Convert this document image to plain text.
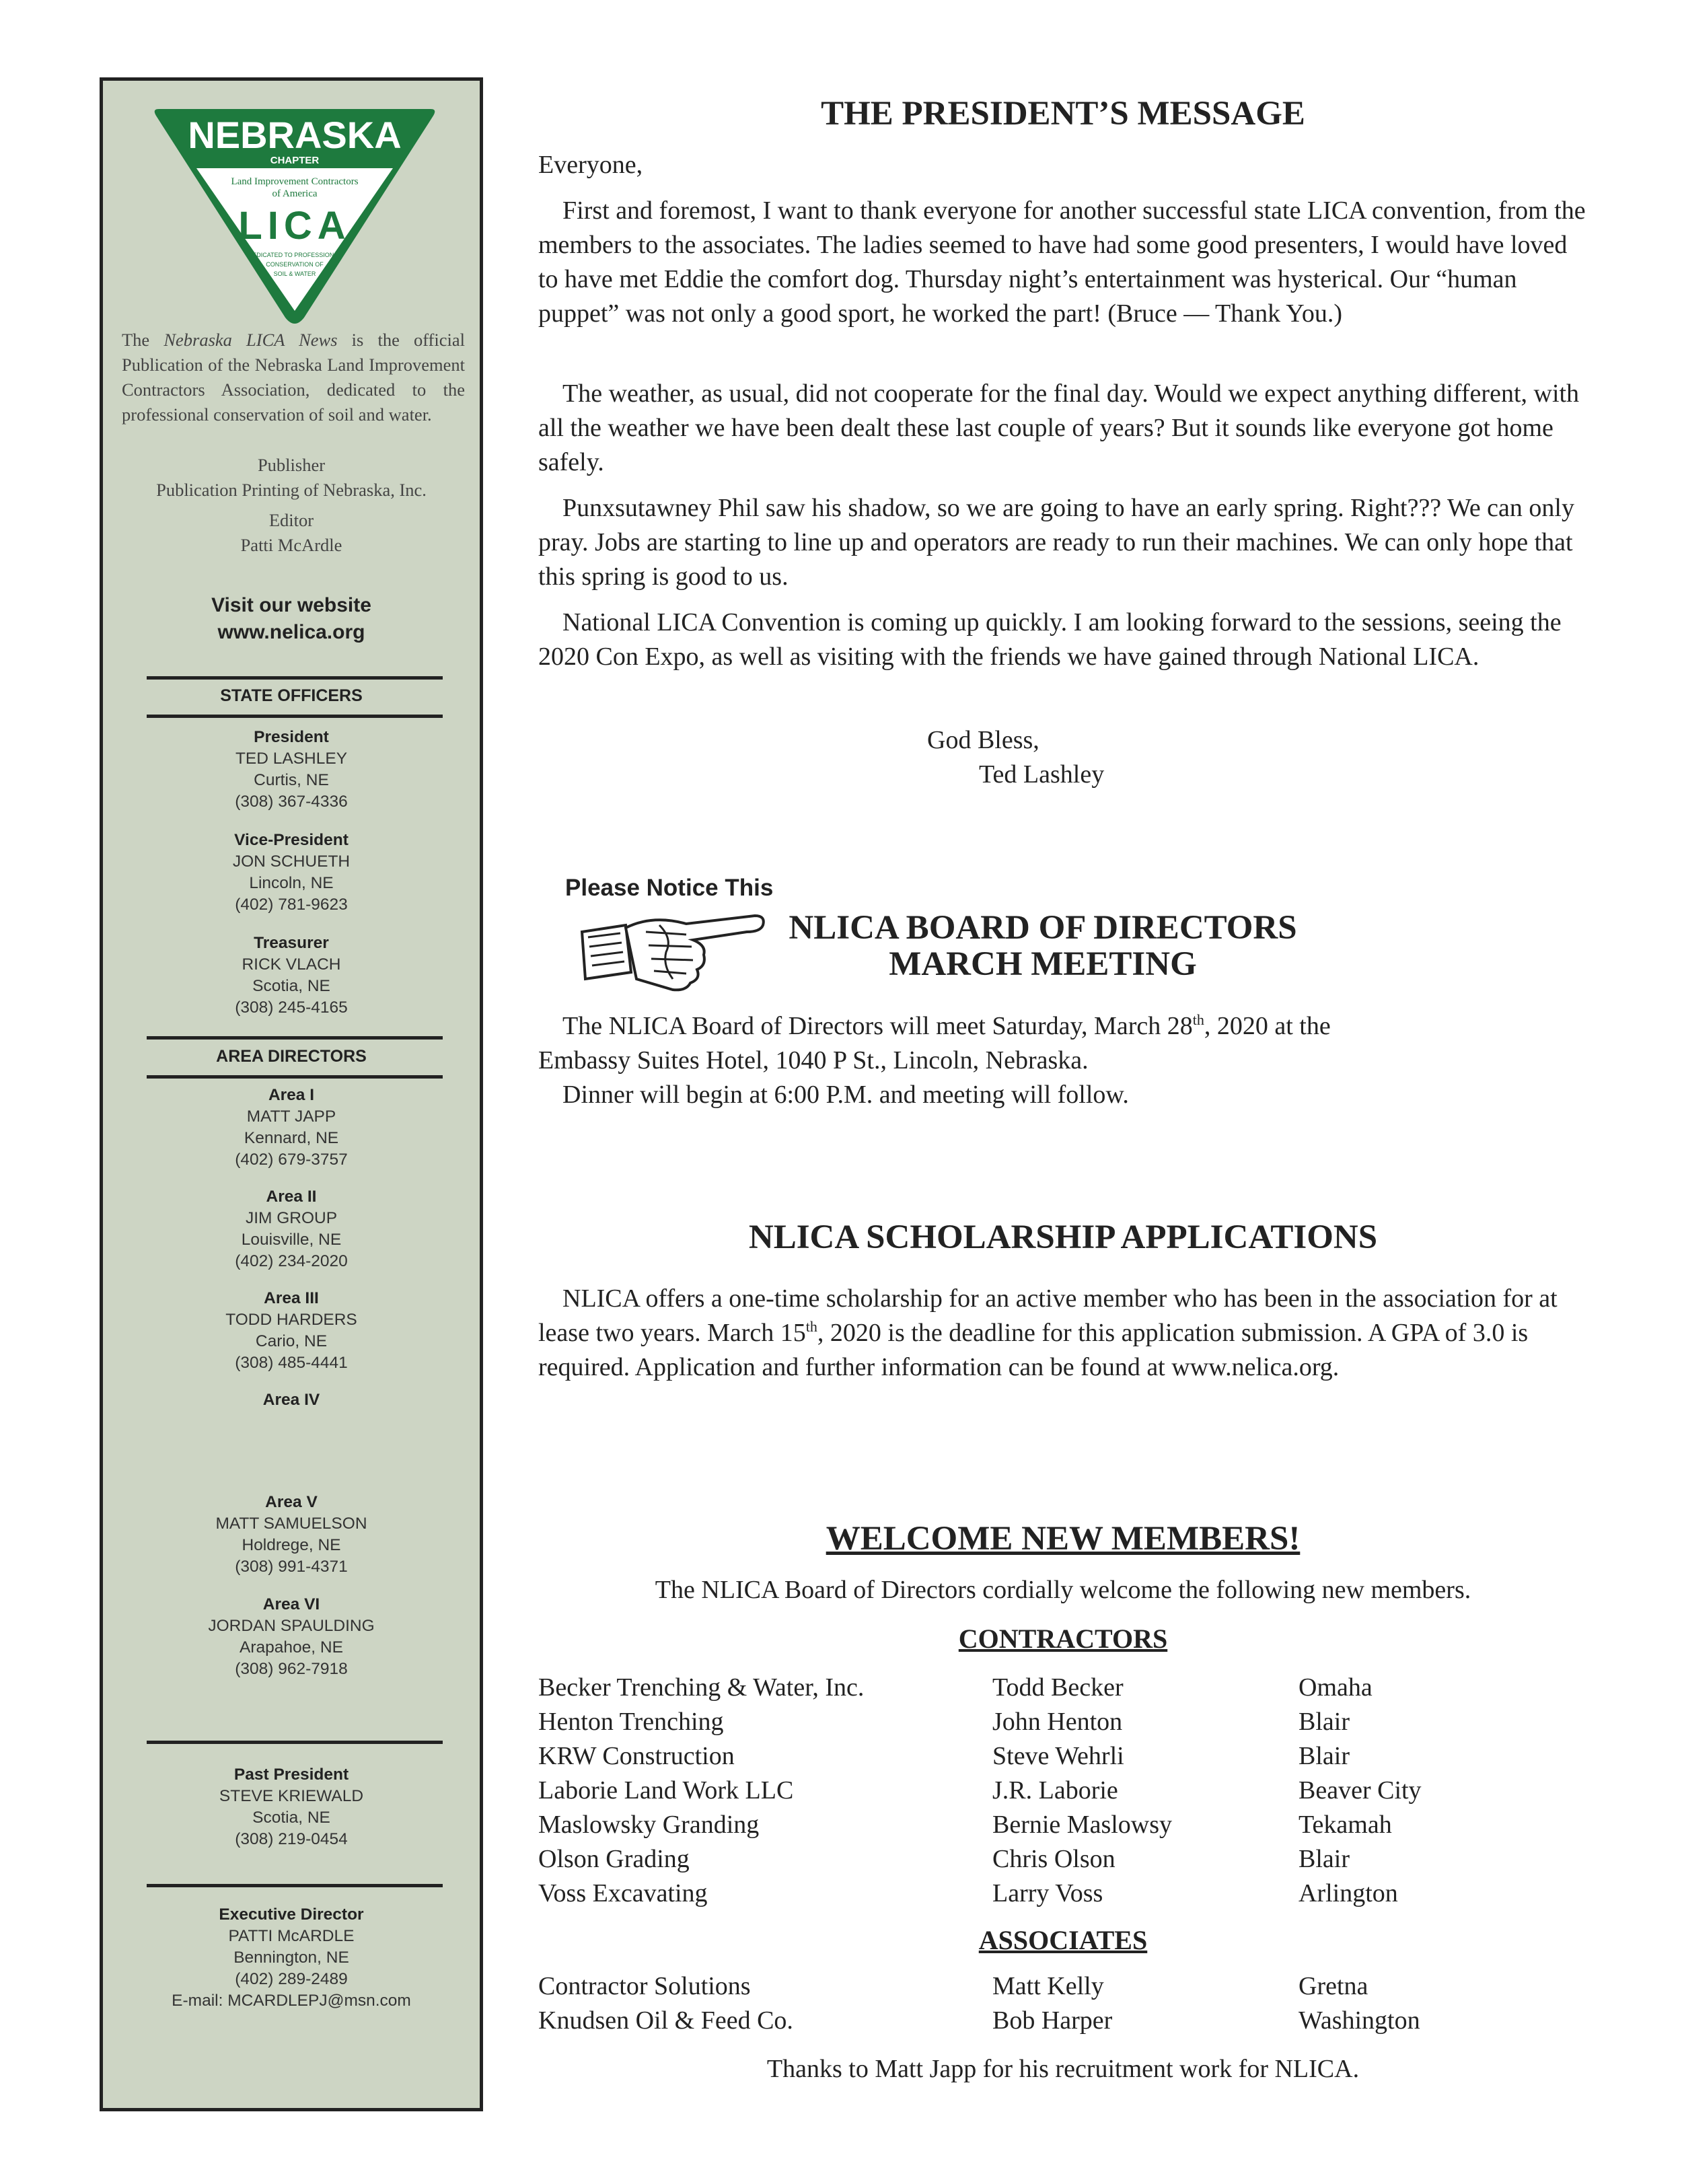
NEBRASKA
CHAPTER
Land Improvement Contractors
of America
LICA
DEDICATED TO PROFESSIONAL
CONSERVATION OF
SOIL & WATER
The Nebraska LICA News is the official Publication of the Nebraska Land Improvement Contractors Association, dedicated to the professional conservation of soil and water.
Publisher
Publication Printing of Nebraska, Inc.
Editor
Patti McArdle
Visit our website
www.nelica.org
STATE OFFICERS
AREA DIRECTORS
Past President
STEVE KRIEWALD
Scotia, NE
(308) 219-0454
Executive Director
PATTI McARDLE
Bennington, NE
(402) 289-2489
E-mail: MCARDLEPJ@msn.com
President
TED LASHLEY
Curtis, NE
(308) 367-4336
Vice-President
JON SCHUETH
Lincoln, NE
(402) 781-9623
Treasurer
RICK VLACH
Scotia, NE
(308) 245-4165
Area I
MATT JAPP
Kennard, NE
(402) 679-3757
Area II
JIM GROUP
Louisville, NE
(402) 234-2020
Area III
TODD HARDERS
Cario, NE
(308) 485-4441
Area IV
Area V
MATT SAMUELSON
Holdrege, NE
(308) 991-4371
Area VI
JORDAN SPAULDING
Arapahoe, NE
(308) 962-7918
THE PRESIDENT’S MESSAGE
Everyone,
First and foremost, I want to thank everyone for another successful state LICA convention, from the members to the associates. The ladies seemed to have had some good presenters, I would have loved to have met Eddie the comfort dog. Thursday night’s entertainment was hysterical. Our “human puppet” was not only a good sport, he worked the part! (Bruce — Thank You.)
The weather, as usual, did not cooperate for the final day. Would we expect anything different, with all the weather we have been dealt these last couple of years? But it sounds like everyone got home safely.
Punxsutawney Phil saw his shadow, so we are going to have an early spring. Right??? We can only pray. Jobs are starting to line up and operators are ready to run their machines. We can only hope that this spring is good to us.
National LICA Convention is coming up quickly. I am looking forward to the sessions, seeing the 2020 Con Expo, as well as visiting with the friends we have gained through National LICA.
God Bless,
Ted Lashley
Please Notice This
NLICA BOARD OF DIRECTORS
MARCH MEETING
The NLICA Board of Directors will meet Saturday, March 28th, 2020 at the
Embassy Suites Hotel, 1040 P St., Lincoln, Nebraska.
Dinner will begin at 6:00 P.M. and meeting will follow.
NLICA SCHOLARSHIP APPLICATIONS
NLICA offers a one-time scholarship for an active member who has been in the association for at lease two years. March 15th, 2020 is the deadline for this application submission. A GPA of 3.0 is required. Application and further information can be found at www.nelica.org.
WELCOME NEW MEMBERS!
The NLICA Board of Directors cordially welcome the following new members.
CONTRACTORS
Becker Trenching & Water, Inc.	Todd Becker	Omaha
Henton Trenching	John Henton	Blair
KRW Construction	Steve Wehrli	Blair
Laborie Land Work LLC	J.R. Laborie	Beaver City
Maslowsky Granding	Bernie Maslowsy	Tekamah
Olson Grading	Chris Olson	Blair
Voss Excavating	Larry Voss	Arlington
ASSOCIATES
Contractor Solutions	Matt Kelly	Gretna
Knudsen Oil & Feed Co.	Bob Harper	Washington
Thanks to Matt Japp for his recruitment work for NLICA.
